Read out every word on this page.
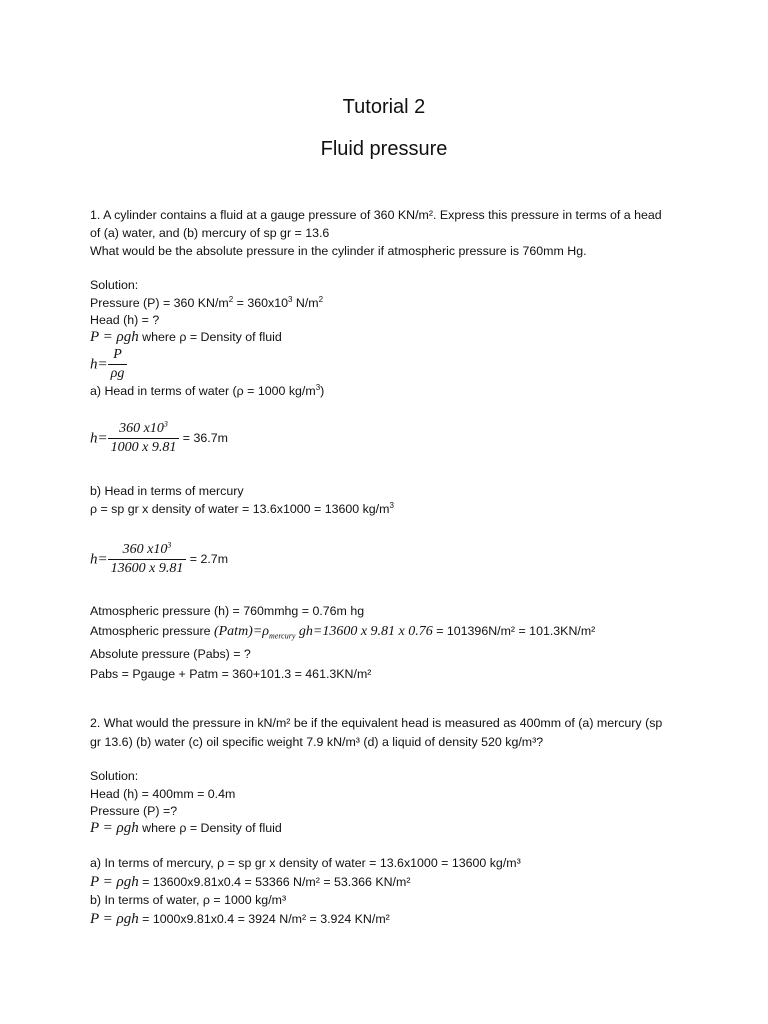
Tutorial 2
Fluid pressure
1. A cylinder contains a fluid at a gauge pressure of 360 KN/m². Express this pressure in terms of a head
of (a) water, and (b) mercury of sp gr = 13.6
What would be the absolute pressure in the cylinder if atmospheric pressure is 760mm Hg.
Solution:
Pressure (P) = 360 $KN/m^2 = 360x10^3$ $N/m^2$
Head (h) = ?
P = ρgh where ρ = Density of fluid
$h= \frac{P}{\rho g}$
a) Head in terms of water (ρ = 1000 $kg/m^3$)
$h= \frac{360 x10^3}{1000 x 9.81} = 36.7m$
b) Head in terms of mercury
ρ = sp gr x density of water = 13.6x1000 = 13600 $kg/m^3$
$h= \frac{360 x10^3}{13600 x 9.81} = 2.7m$
Atmospheric pressure (h) = 760mmhg = 0.76m hg
Atmospheric pressure $(Patm)=\rho_{mercury}$ gh=13600 x 9.81 x 0.76 = 101396N/m² = 101.3KN/m²
Absolute pressure (Pabs) = ?
Pabs = Pgauge + Patm = 360+101.3 = 461.3KN/m²
2. What would the pressure in kN/m² be if the equivalent head is measured as 400mm of (a) mercury (sp
gr 13.6) (b) water (c) oil specific weight 7.9 kN/m³ (d) a liquid of density 520 kg/m³?
Solution:
Head (h) = 400mm = 0.4m
Pressure (P) =?
P = ρgh where ρ = Density of fluid
a) In terms of mercury, ρ = sp gr x density of water = 13.6x1000 = 13600 kg/m³
P = ρgh = 13600x9.81x0.4 = 53366 N/m² = 53.366 KN/m²
b) In terms of water, ρ = 1000 kg/m³
P = ρgh = 1000x9.81x0.4 = 3924 N/m² = 3.924 KN/m²
